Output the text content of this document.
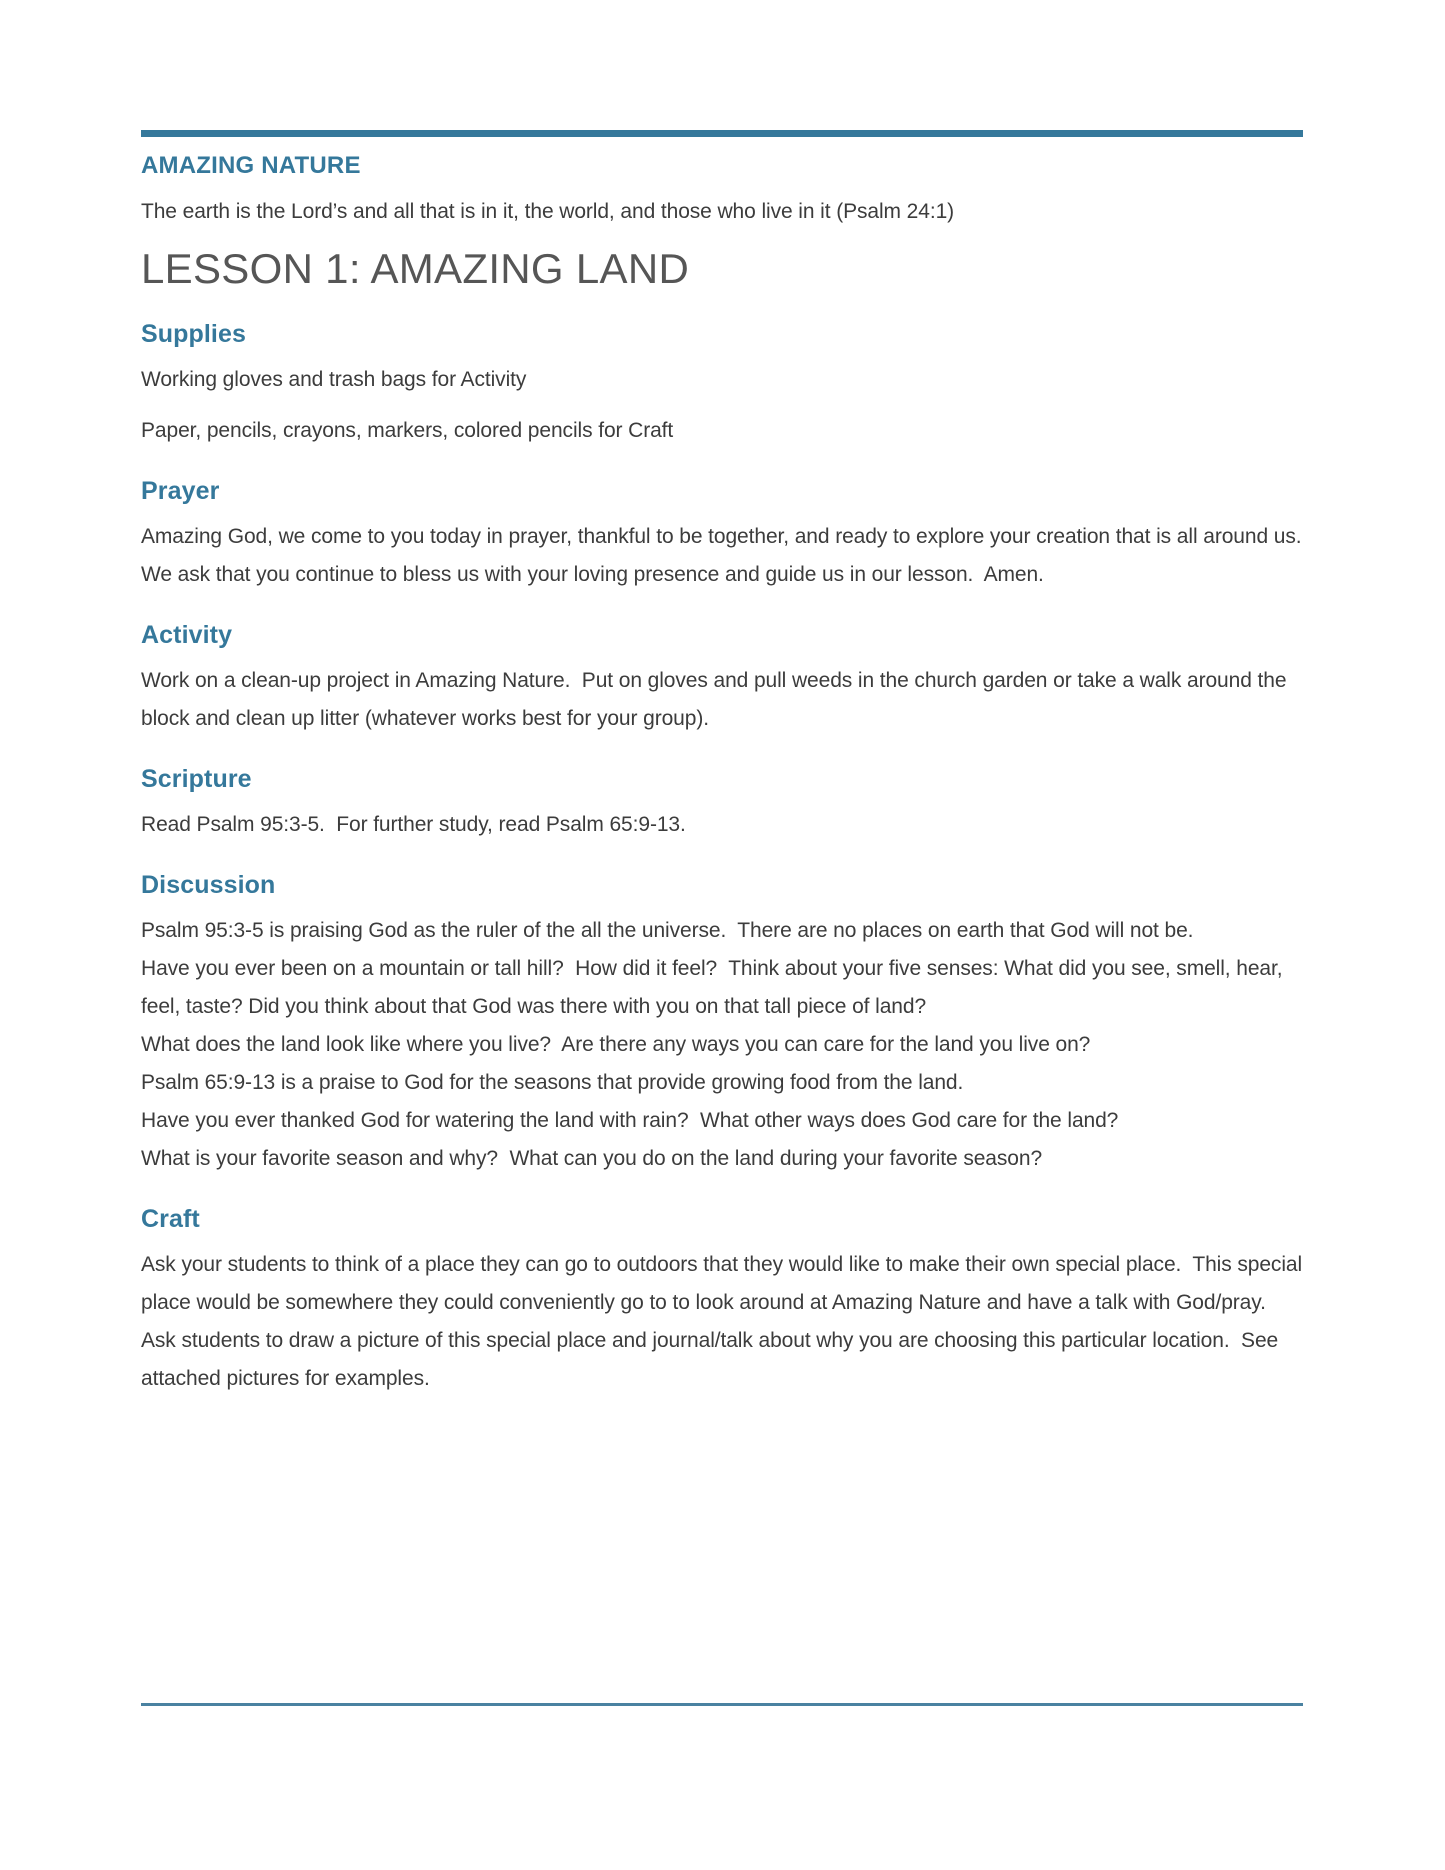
AMAZING NATURE

The earth is the Lord’s and all that is in it, the world, and those who live in it (Psalm 24:1)

LESSON 1: AMAZING LAND
Supplies

Working gloves and trash bags for Activity

Paper, pencils, crayons, markers, colored pencils for Craft

Prayer

Amazing God, we come to you today in prayer, thankful to be together, and ready to explore your creation that is all around us.  We ask that you continue to bless us with your loving presence and guide us in our lesson.  Amen.

Activity

Work on a clean-up project in Amazing Nature.  Put on gloves and pull weeds in the church garden or take a walk around the block and clean up litter (whatever works best for your group).

Scripture

Read Psalm 95:3-5.  For further study, read Psalm 65:9-13.

Discussion

Psalm 95:3-5 is praising God as the ruler of the all the universe.  There are no places on earth that God will not be.

Have you ever been on a mountain or tall hill?  How did it feel?  Think about your five senses: What did you see, smell, hear, feel, taste? Did you think about that God was there with you on that tall piece of land?

What does the land look like where you live?  Are there any ways you can care for the land you live on?

Psalm 65:9-13 is a praise to God for the seasons that provide growing food from the land.

Have you ever thanked God for watering the land with rain?  What other ways does God care for the land?

What is your favorite season and why?  What can you do on the land during your favorite season?

Craft

Ask your students to think of a place they can go to outdoors that they would like to make their own special place.  This special place would be somewhere they could conveniently go to to look around at Amazing Nature and have a talk with God/pray.  Ask students to draw a picture of this special place and journal/talk about why you are choosing this particular location.  See attached pictures for examples.
